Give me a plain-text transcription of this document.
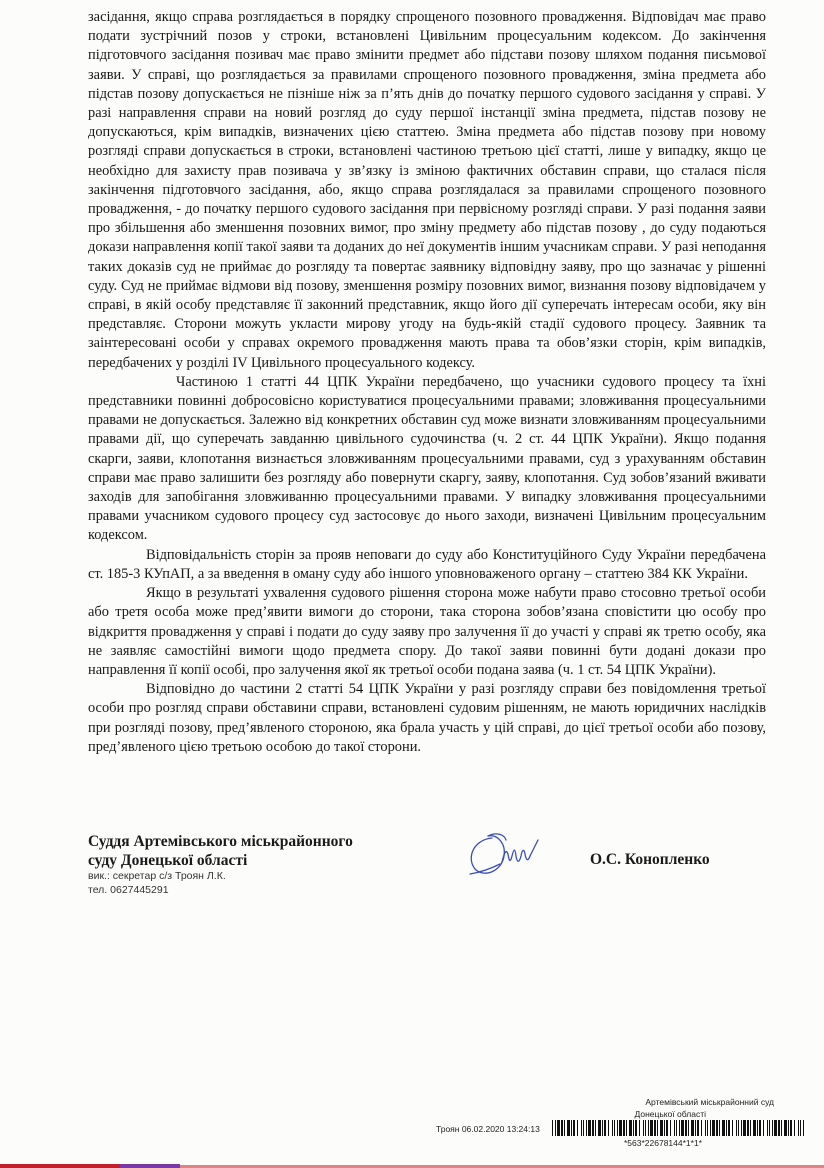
засідання, якщо справа розглядається в порядку спрощеного позовного провадження. Відповідач має право подати зустрічний позов у строки, встановлені Цивільним процесуальним кодексом. До закінчення підготовчого засідання позивач має право змінити предмет або підстави позову шляхом подання письмової заяви. У справі, що розглядається за правилами спрощеного позовного провадження, зміна предмета або підстав позову допускається не пізніше ніж за п’ять днів до початку першого судового засідання у справі. У разі направлення справи на новий розгляд до суду першої інстанції зміна предмета, підстав позову не допускаються, крім випадків, визначених цією статтею. Зміна предмета або підстав позову при новому розгляді справи допускається в строки, встановлені частиною третьою цієї статті, лише у випадку, якщо це необхідно для захисту прав позивача у зв’язку із зміною фактичних обставин справи, що сталася після закінчення підготовчого засідання, або, якщо справа розглядалася за правилами спрощеного позовного провадження, - до початку першого судового засідання при первісному розгляді справи. У разі подання заяви про збільшення або зменшення позовних вимог, про зміну предмету або підстав позову , до суду подаються докази направлення копії такої заяви та доданих до неї документів іншим учасникам справи. У разі неподання таких доказів суд не приймає до розгляду та повертає заявнику відповідну заяву, про що зазначає у рішенні суду. Суд не приймає відмови від позову, зменшення розміру позовних вимог, визнання позову відповідачем у справі, в якій особу представляє її законний представник, якщо його дії суперечать інтересам особи, яку він представляє. Сторони можуть укласти мирову угоду на будь-якій стадії судового процесу. Заявник та заінтересовані особи у справах окремого провадження мають права та обов’язки сторін, крім випадків, передбачених у розділі IV Цивільного процесуального кодексу.

Частиною 1 статті 44 ЦПК України передбачено, що учасники судового процесу та їхні представники повинні добросовісно користуватися процесуальними правами; зловживання процесуальними правами не допускається. Залежно від конкретних обставин суд може визнати зловживанням процесуальними правами дії, що суперечать завданню цивільного судочинства (ч. 2 ст. 44 ЦПК України). Якщо подання скарги, заяви, клопотання визнається зловживанням процесуальними правами, суд з урахуванням обставин справи має право залишити без розгляду або повернути скаргу, заяву, клопотання. Суд зобов’язаний вживати заходів для запобігання зловживанню процесуальними правами. У випадку зловживання процесуальними правами учасником судового процесу суд застосовує до нього заходи, визначені Цивільним процесуальним кодексом.

Відповідальність сторін за прояв неповаги до суду або Конституційного Суду України передбачена ст. 185-3 КУпАП, а за введення в оману суду або іншого уповноваженого органу – статтею 384 КК України.

Якщо в результаті ухвалення судового рішення сторона може набути право стосовно третьої особи або третя особа може пред’явити вимоги до сторони, така сторона зобов’язана сповістити цю особу про відкриття провадження у справі і подати до суду заяву про залучення її до участі у справі як третю особу, яка не заявляє самостійні вимоги щодо предмета спору. До такої заяви повинні бути додані докази про направлення її копії особі, про залучення якої як третьої особи подана заява (ч. 1 ст. 54 ЦПК України).

Відповідно до частини 2 статті 54 ЦПК України у разі розгляду справи без повідомлення третьої особи про розгляд справи обставини справи, встановлені судовим рішенням, не мають юридичних наслідків при розгляді позову, пред’явленого стороною, яка брала участь у цій справі, до цієї третьої особи або позову, пред’явленого цією третьою особою до такої сторони.

Суддя Артемівського міськрайонного

суду Донецької області

вик.: секретар с/з Троян Л.К.

тел. 0627445291

О.С. Конопленко
Артемівський міськрайонний суд
Донецької області
Троян 06.02.2020 13:24:13
*563*22678144*1*1*
